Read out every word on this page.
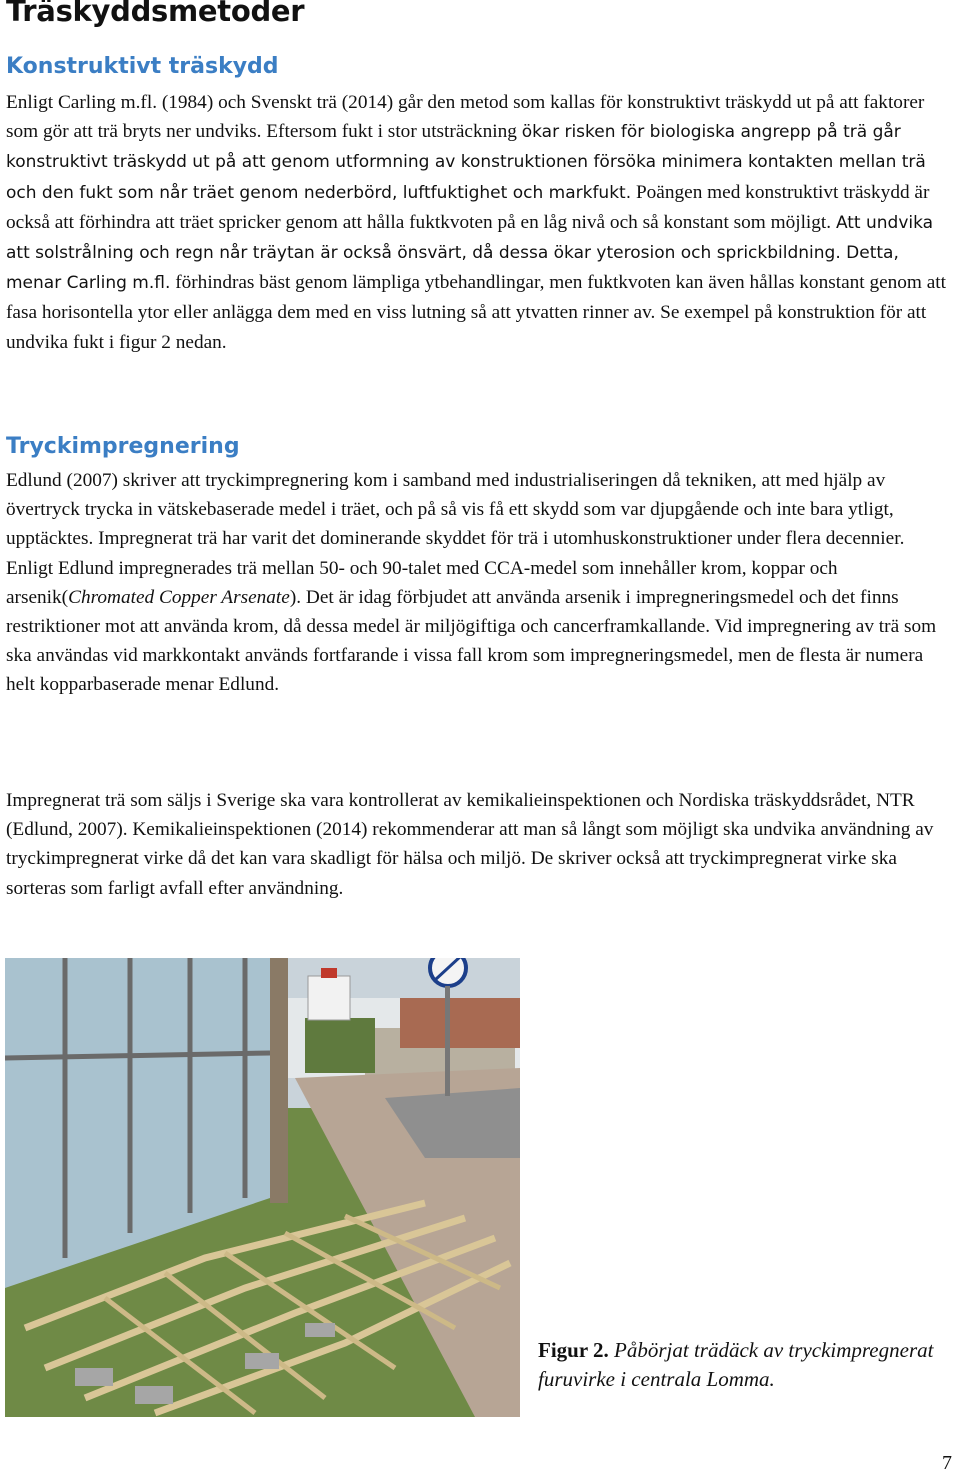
Träskyddsmetoder
Konstruktivt träskydd

Enligt Carling m.fl. (1984) och Svenskt trä (2014) går den metod som kallas för konstruktivt träskydd ut på att faktorer som gör att trä bryts ner undviks. Eftersom fukt i stor utsträckning ökar risken för biologiska angrepp på trä går konstruktivt träskydd ut på att genom utformning av konstruktionen försöka minimera kontakten mellan trä och den fukt som når träet genom nederbörd, luftfuktighet och markfukt. Poängen med konstruktivt träskydd är också att förhindra att träet spricker genom att hålla fuktkvoten på en låg nivå och så konstant som möjligt. Att undvika att solstrålning och regn når träytan är också önsvärt, då dessa ökar yterosion och sprickbildning. Detta, menar Carling m.fl. förhindras bäst genom lämpliga ytbehandlingar, men fuktkvoten kan även hållas konstant genom att fasa horisontella ytor eller anlägga dem med en viss lutning så att ytvatten rinner av. Se exempel på konstruktion för att undvika fukt i figur 2 nedan.

Tryckimpregnering

Edlund (2007) skriver att tryckimpregnering kom i samband med industrialiseringen då tekniken, att med hjälp av övertryck trycka in vätskebaserade medel i träet, och på så vis få ett skydd som var djupgående och inte bara ytligt, upptäcktes. Impregnerat trä har varit det dominerande skyddet för trä i utomhuskonstruktioner under flera decennier. Enligt Edlund impregnerades trä mellan 50- och 90-talet med CCA-medel som innehåller krom, koppar och arsenik(Chromated Copper Arsenate). Det är idag förbjudet att använda arsenik i impregneringsmedel och det finns restriktioner mot att använda krom, då dessa medel är miljögiftiga och cancerframkallande. Vid impregnering av trä som ska användas vid markkontakt används fortfarande i vissa fall krom som impregneringsmedel, men de flesta är numera helt kopparbaserade menar Edlund.

Impregnerat trä som säljs i Sverige ska vara kontrollerat av kemikalieinspektionen och Nordiska träskyddsrådet, NTR (Edlund, 2007). Kemikalieinspektionen (2014) rekommenderar att man så långt som möjligt ska undvika användning av tryckimpregnerat virke då det kan vara skadligt för hälsa och miljö. De skriver också att tryckimpregnerat virke ska sorteras som farligt avfall efter användning.

Figur 2. Påbörjat trädäck av tryckimpregnerat furuvirke i centrala Lomma.

7
